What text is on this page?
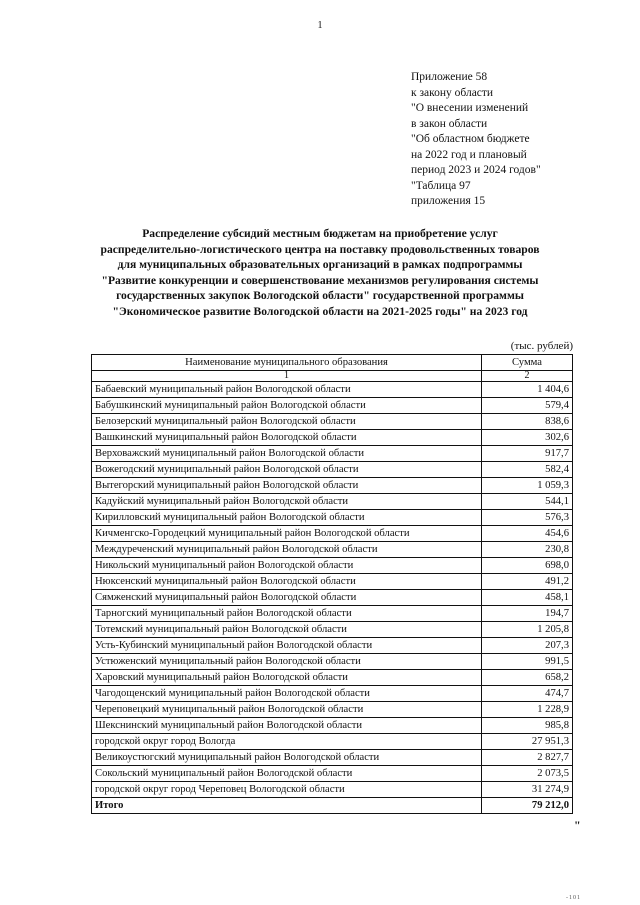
1
Приложение 58
к закону области
"О внесении изменений
в закон области
"Об областном бюджете
на 2022 год и плановый
период 2023 и 2024 годов"
"Таблица 97
приложения 15
Распределение субсидий местным бюджетам на приобретение услуг
распределительно-логистического центра на поставку продовольственных товаров
для муниципальных образовательных организаций в рамках подпрограммы
"Развитие конкуренции и совершенствование механизмов регулирования системы
государственных закупок Вологодской области" государственной программы
"Экономическое развитие Вологодской области на 2021-2025 годы" на 2023 год
(тыс. рублей)
Наименование муниципального образования	Сумма
1	2
Бабаевский муниципальный район Вологодской области	1 404,6
Бабушкинский муниципальный район Вологодской области	579,4
Белозерский муниципальный район Вологодской области	838,6
Вашкинский муниципальный район Вологодской области	302,6
Верховажский муниципальный район Вологодской области	917,7
Вожегодский муниципальный район Вологодской области	582,4
Вытегорский муниципальный район Вологодской области	1 059,3
Кадуйский муниципальный район Вологодской области	544,1
Кирилловский муниципальный район Вологодской области	576,3
Кичменгско-Городецкий муниципальный район Вологодской области	454,6
Междуреченский муниципальный район Вологодской области	230,8
Никольский муниципальный район Вологодской области	698,0
Нюксенский муниципальный район Вологодской области	491,2
Сямженский муниципальный район Вологодской области	458,1
Тарногский муниципальный район Вологодской области	194,7
Тотемский муниципальный район Вологодской области	1 205,8
Усть-Кубинский муниципальный район Вологодской области	207,3
Устюженский муниципальный район Вологодской области	991,5
Харовский муниципальный район Вологодской области	658,2
Чагодощенский муниципальный район Вологодской области	474,7
Череповецкий муниципальный район Вологодской области	1 228,9
Шекснинский муниципальный район Вологодской области	985,8
городской округ город Вологда	27 951,3
Великоустюгский муниципальный район Вологодской области	2 827,7
Сокольский муниципальный район Вологодской области	2 073,5
городской округ город Череповец Вологодской области	31 274,9
Итого	79 212,0
"
-101
